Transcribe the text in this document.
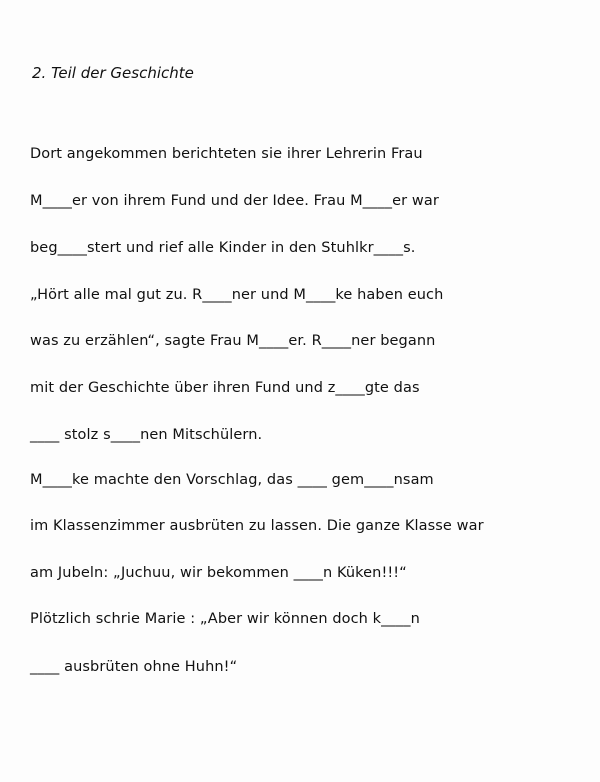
2. Teil der Geschichte
Dort angekommen berichteten sie ihrer Lehrerin Frau
M____er von ihrem Fund und der Idee. Frau M____er war
beg____stert und rief alle Kinder in den Stuhlkr____s.
„Hört alle mal gut zu. R____ner und M____ke haben euch
was zu erzählen“, sagte Frau M____er. R____ner begann
mit der Geschichte über ihren Fund und z____gte das
____ stolz s____nen Mitschülern.
M____ke machte den Vorschlag, das ____ gem____nsam
im Klassenzimmer ausbrüten zu lassen. Die ganze Klasse war
am Jubeln: „Juchuu, wir bekommen ____n Küken!!!“
Plötzlich schrie Marie : „Aber wir können doch k____n
____ ausbrüten ohne Huhn!“
